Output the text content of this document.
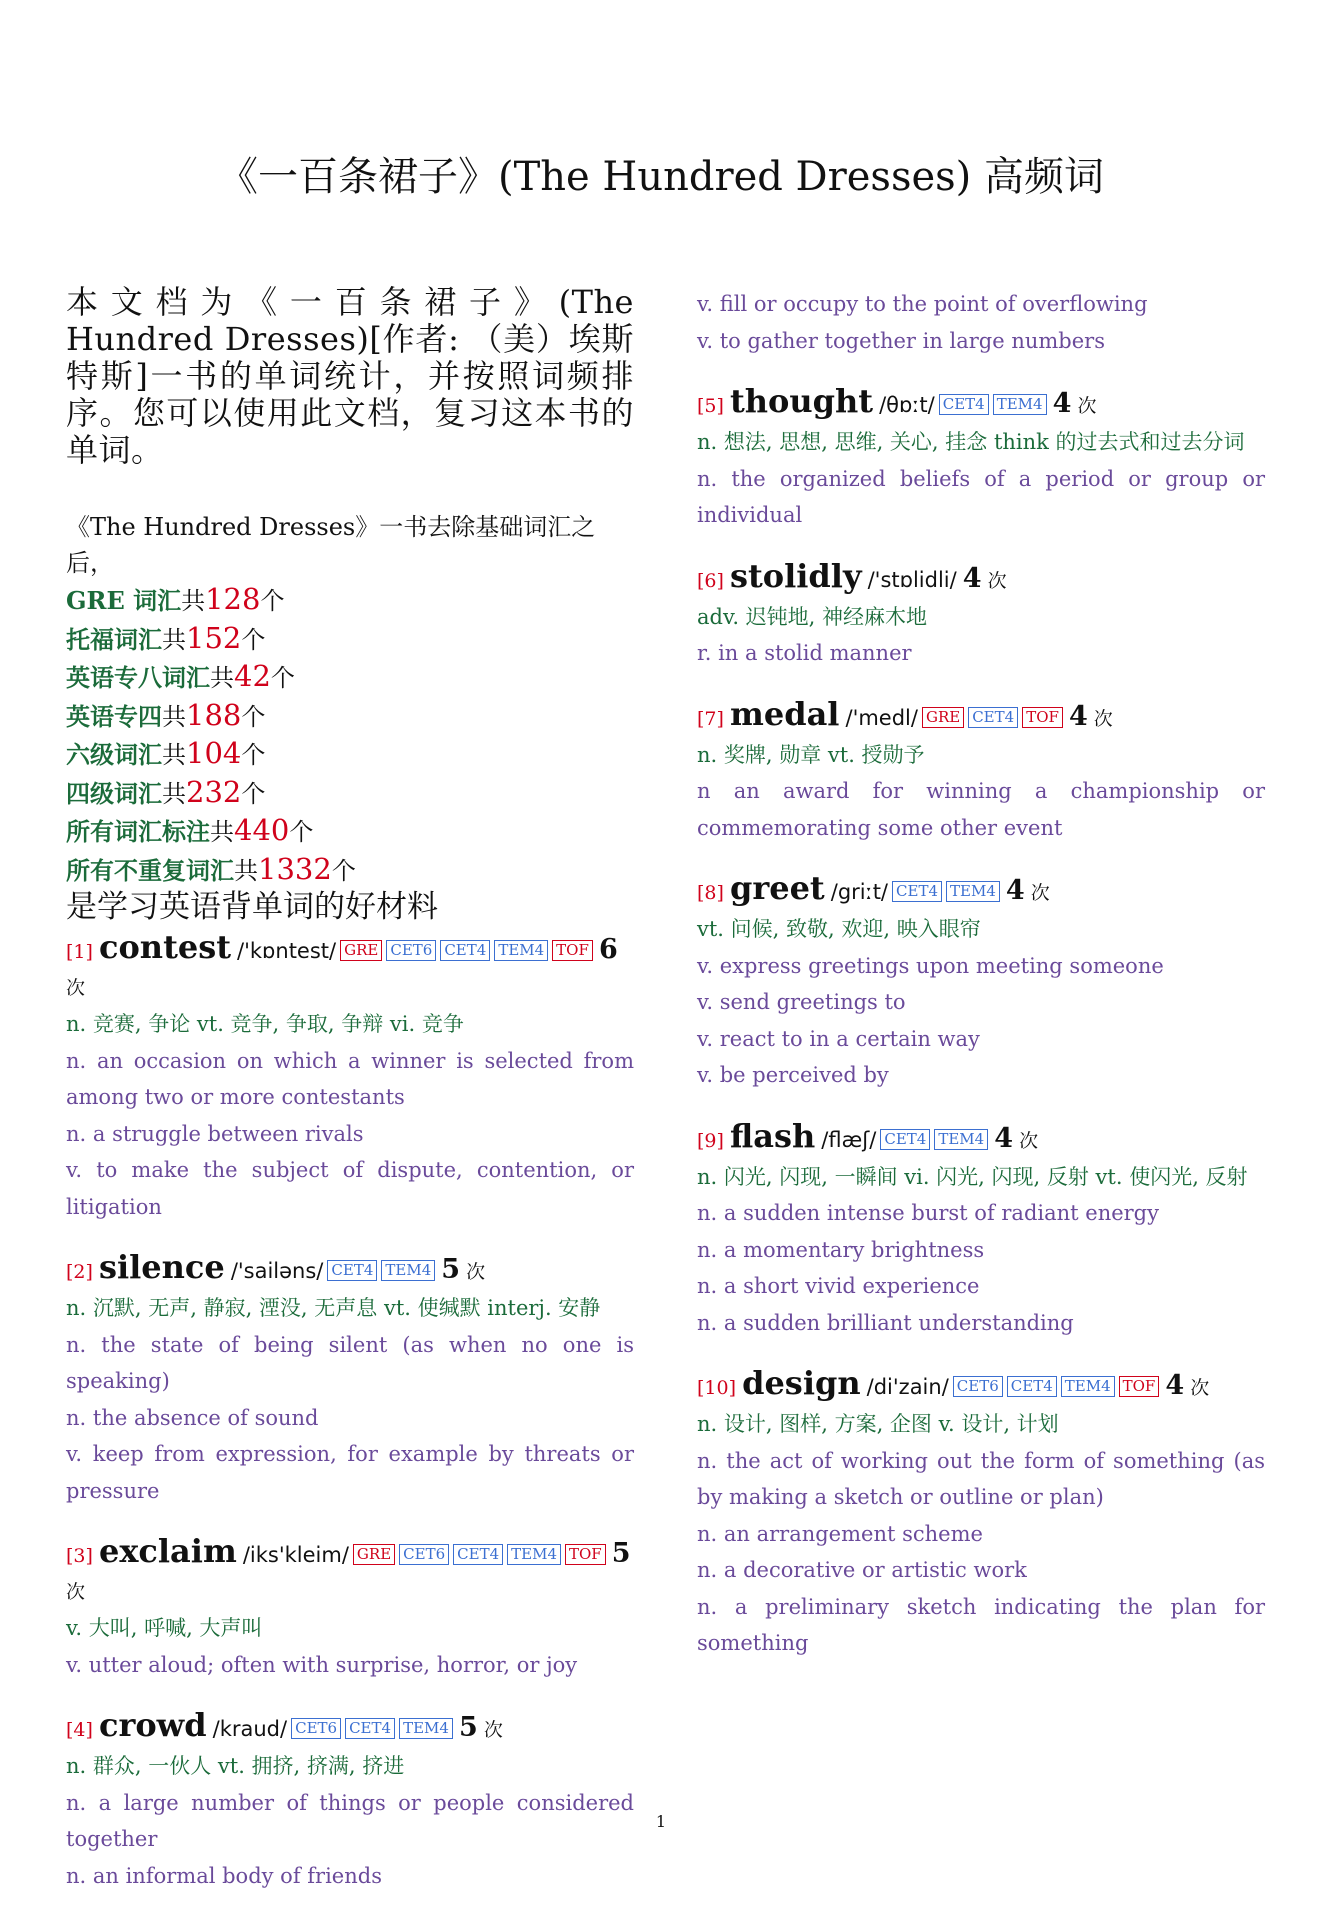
《一百条裙子》(The Hundred Dresses) 高频词
本文档为《一百条裙子》(The Hundred Dresses)[作者: （美）埃斯特斯]一书的单词统计，并按照词频排序。您可以使用此文档，复习这本书的单词。
《The Hundred Dresses》一书去除基础词汇之后，
GRE 词汇共128个
托福词汇共152个
英语专八词汇共42个
英语专四共188个
六级词汇共104个
四级词汇共232个
所有词汇标注共440个
所有不重复词汇共1332个
是学习英语背单词的好材料
[1] contest /'kɒntest/ GRE CET6 CET4 TEM4 TOF 6 次
n. 竞赛, 争论 vt. 竞争, 争取, 争辩 vi. 竞争
n. an occasion on which a winner is selected from among two or more contestants
n. a struggle between rivals
v. to make the subject of dispute, contention, or litigation
[2] silence /'sailəns/ CET4 TEM4 5 次
n. 沉默, 无声, 静寂, 湮没, 无声息 vt. 使缄默 interj. 安静
n. the state of being silent (as when no one is speaking)
n. the absence of sound
v. keep from expression, for example by threats or pressure
[3] exclaim /iks'kleim/ GRE CET6 CET4 TEM4 TOF 5 次
v. 大叫, 呼喊, 大声叫
v. utter aloud; often with surprise, horror, or joy
[4] crowd /kraud/ CET6 CET4 TEM4 5 次
n. 群众, 一伙人 vt. 拥挤, 挤满, 挤进
n. a large number of things or people considered together
n. an informal body of friends
v. fill or occupy to the point of overflowing
v. to gather together in large numbers
[5] thought /θɒːt/ CET4 TEM4 4 次
n. 想法, 思想, 思维, 关心, 挂念 think 的过去式和过去分词
n. the organized beliefs of a period or group or individual
[6] stolidly /'stɒlidli/ 4 次
adv. 迟钝地, 神经麻木地
r. in a stolid manner
[7] medal /'medl/ GRE CET4 TOF 4 次
n. 奖牌, 勋章 vt. 授勋予
n an award for winning a championship or commemorating some other event
[8] greet /griːt/ CET4 TEM4 4 次
vt. 问候, 致敬, 欢迎, 映入眼帘
v. express greetings upon meeting someone
v. send greetings to
v. react to in a certain way
v. be perceived by
[9] flash /flæʃ/ CET4 TEM4 4 次
n. 闪光, 闪现, 一瞬间 vi. 闪光, 闪现, 反射 vt. 使闪光, 反射
n. a sudden intense burst of radiant energy
n. a momentary brightness
n. a short vivid experience
n. a sudden brilliant understanding
[10] design /di'zain/ CET6 CET4 TEM4 TOF 4 次
n. 设计, 图样, 方案, 企图 v. 设计, 计划
n. the act of working out the form of something (as by making a sketch or outline or plan)
n. an arrangement scheme
n. a decorative or artistic work
n. a preliminary sketch indicating the plan for something
1
